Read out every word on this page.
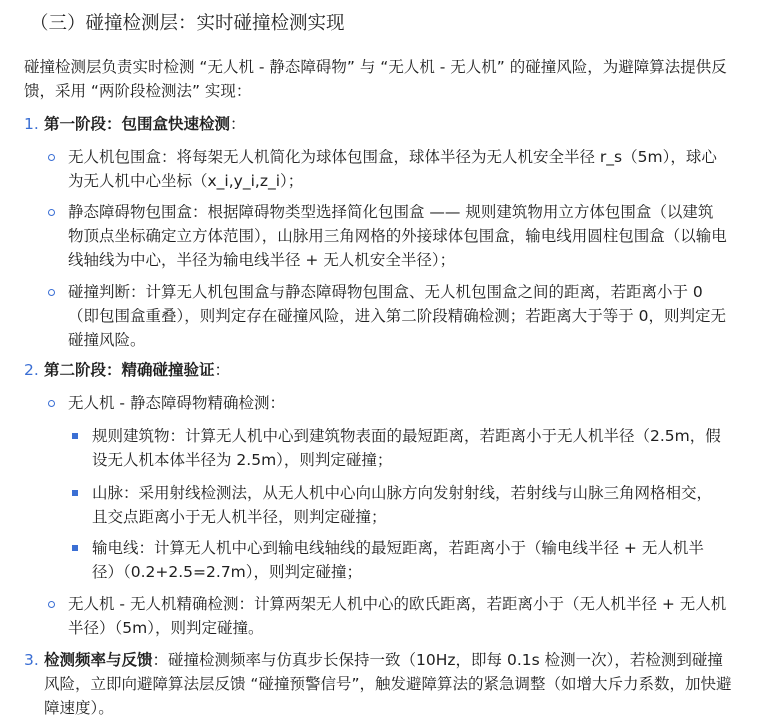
（三）碰撞检测层：实时碰撞检测实现
碰撞检测层负责实时检测 “无人机 - 静态障碍物” 与 “无人机 - 无人机” 的碰撞风险，为避障算法提供反馈，采用 “两阶段检测法” 实现：
1. 第一阶段：包围盒快速检测：
无人机包围盒：将每架无人机简化为球体包围盒，球体半径为无人机安全半径 r_s（5m），球心为无人机中心坐标（x_i,y_i,z_i）；
静态障碍物包围盒：根据障碍物类型选择简化包围盒 —— 规则建筑物用立方体包围盒（以建筑物顶点坐标确定立方体范围），山脉用三角网格的外接球体包围盒，输电线用圆柱包围盒（以输电线轴线为中心，半径为输电线半径 + 无人机安全半径）；
碰撞判断：计算无人机包围盒与静态障碍物包围盒、无人机包围盒之间的距离，若距离小于 0（即包围盒重叠），则判定存在碰撞风险，进入第二阶段精确检测；若距离大于等于 0，则判定无碰撞风险。
2. 第二阶段：精确碰撞验证：
无人机 - 静态障碍物精确检测：
规则建筑物：计算无人机中心到建筑物表面的最短距离，若距离小于无人机半径（2.5m，假设无人机本体半径为 2.5m），则判定碰撞；
山脉：采用射线检测法，从无人机中心向山脉方向发射射线，若射线与山脉三角网格相交，且交点距离小于无人机半径，则判定碰撞；
输电线：计算无人机中心到输电线轴线的最短距离，若距离小于（输电线半径 + 无人机半径）（0.2+2.5=2.7m），则判定碰撞；
无人机 - 无人机精确检测：计算两架无人机中心的欧氏距离，若距离小于（无人机半径 + 无人机半径）（5m），则判定碰撞。
3. 检测频率与反馈：碰撞检测频率与仿真步长保持一致（10Hz，即每 0.1s 检测一次），若检测到碰撞风险，立即向避障算法层反馈 “碰撞预警信号”，触发避障算法的紧急调整（如增大斥力系数，加快避障速度）。
